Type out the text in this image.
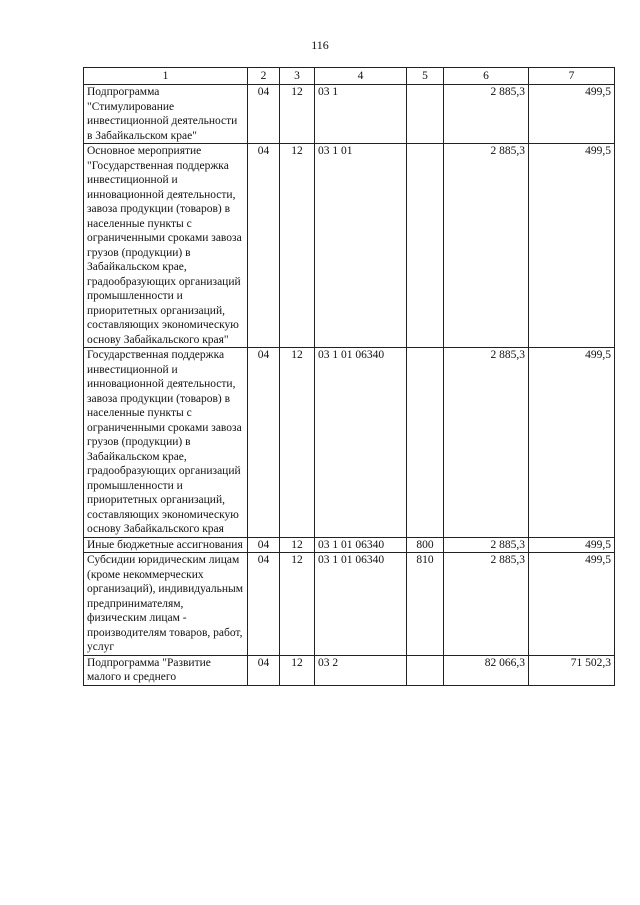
116
1	2	3	4	5	6	7
Подпрограмма "Стимулирование инвестиционной деятельности в Забайкальском крае"	04	12	03 1		2 885,3	499,5
Основное мероприятие "Государственная поддержка инвестиционной и инновационной деятельности, завоза продукции (товаров) в населенные пункты с ограниченными сроками завоза грузов (продукции) в Забайкальском крае, градообразующих организаций промышленности и приоритетных организаций, составляющих экономическую основу Забайкальского края"	04	12	03 1 01		2 885,3	499,5
Государственная поддержка инвестиционной и инновационной деятельности, завоза продукции (товаров) в населенные пункты с ограниченными сроками завоза грузов (продукции) в Забайкальском крае, градообразующих организаций промышленности и приоритетных организаций, составляющих экономическую основу Забайкальского края	04	12	03 1 01 06340		2 885,3	499,5
Иные бюджетные ассигнования	04	12	03 1 01 06340	800	2 885,3	499,5
Субсидии юридическим лицам (кроме некоммерческих организаций), индивидуальным предпринимателям, физическим лицам - производителям товаров, работ, услуг	04	12	03 1 01 06340	810	2 885,3	499,5
Подпрограмма "Развитие малого и среднего	04	12	03 2		82 066,3	71 502,3
